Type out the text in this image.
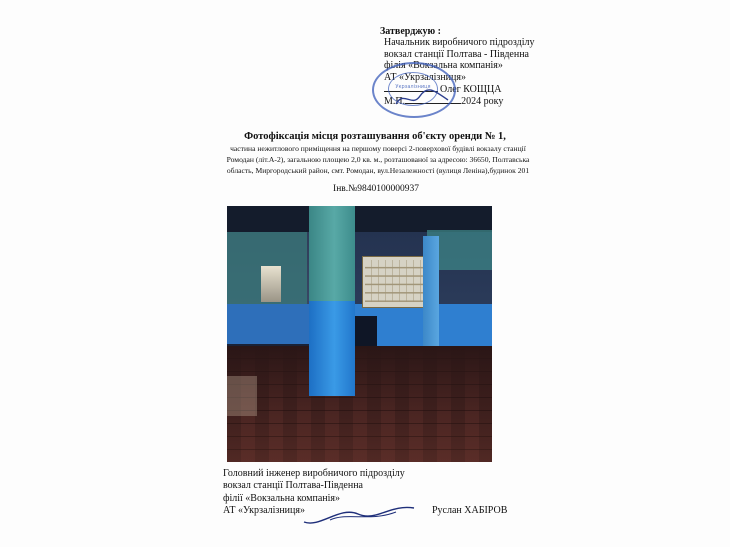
Затверджую :
Начальник виробничого підрозділу
вокзал станції Полтава - Південна
філія «Вокзальна компанія»
АТ «Укрзалізниця»
Олег КОЩЦА
М.П.	2024 року
Укрзалізниця
Фотофіксація місця розташування об'єкту оренди № 1,
частина нежитлового приміщення на першому поверсі 2-поверхової будівлі вокзалу станції Ромодан (літ.А-2), загальною площею 2,0 кв. м., розташованої за адресою: 36650, Полтавська область, Миргородський район, смт. Ромодан, вул.Незалежності (вулиця Леніна),будинок 201
Інв.№9840100000937
Головний інженер виробничого підрозділу
вокзал станції Полтава-Південна
філії «Вокзальна компанія»
АТ «Укрзалізниця»	Руслан ХАБІРОВ
